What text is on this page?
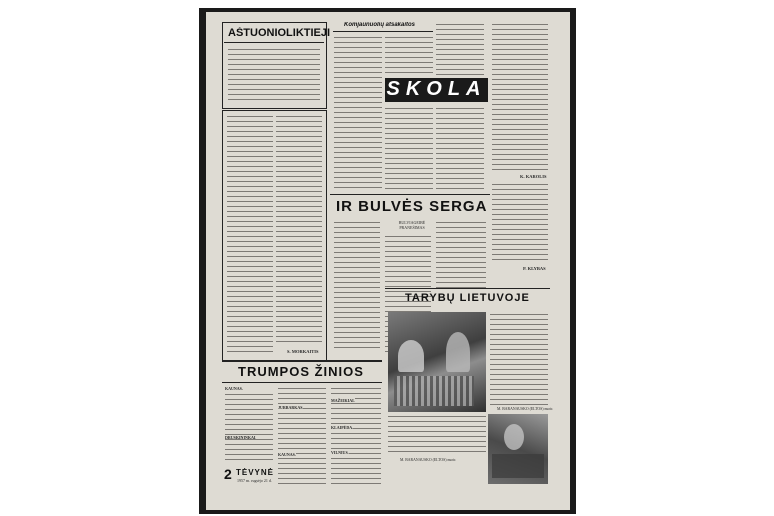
AŠTUONIOLIKTIEJI
S. MORKAITIS
Komjaunuolių atsakaitos
SKOLA
K. KAROLIS
P. KLYBAS
IR BULVĖS SERGA
BULVIAGEIBĖ PRANEŠIMAS
TARYBŲ LIETUVOJE
M. BARANAUSKO (ELTOS) nuotr.
M. BARANAUSKO (ELTOS) nuotr.
TRUMPOS ŽINIOS
KAUNAS.
DRUSKININKAI.
JURBARKAS.
KAUNAS.
MAŽEIKIAI.
KLAIPĖDA.
VILNIUS.
2 TĖVYNĖ
1957 m. rugsėjo 21 d.
